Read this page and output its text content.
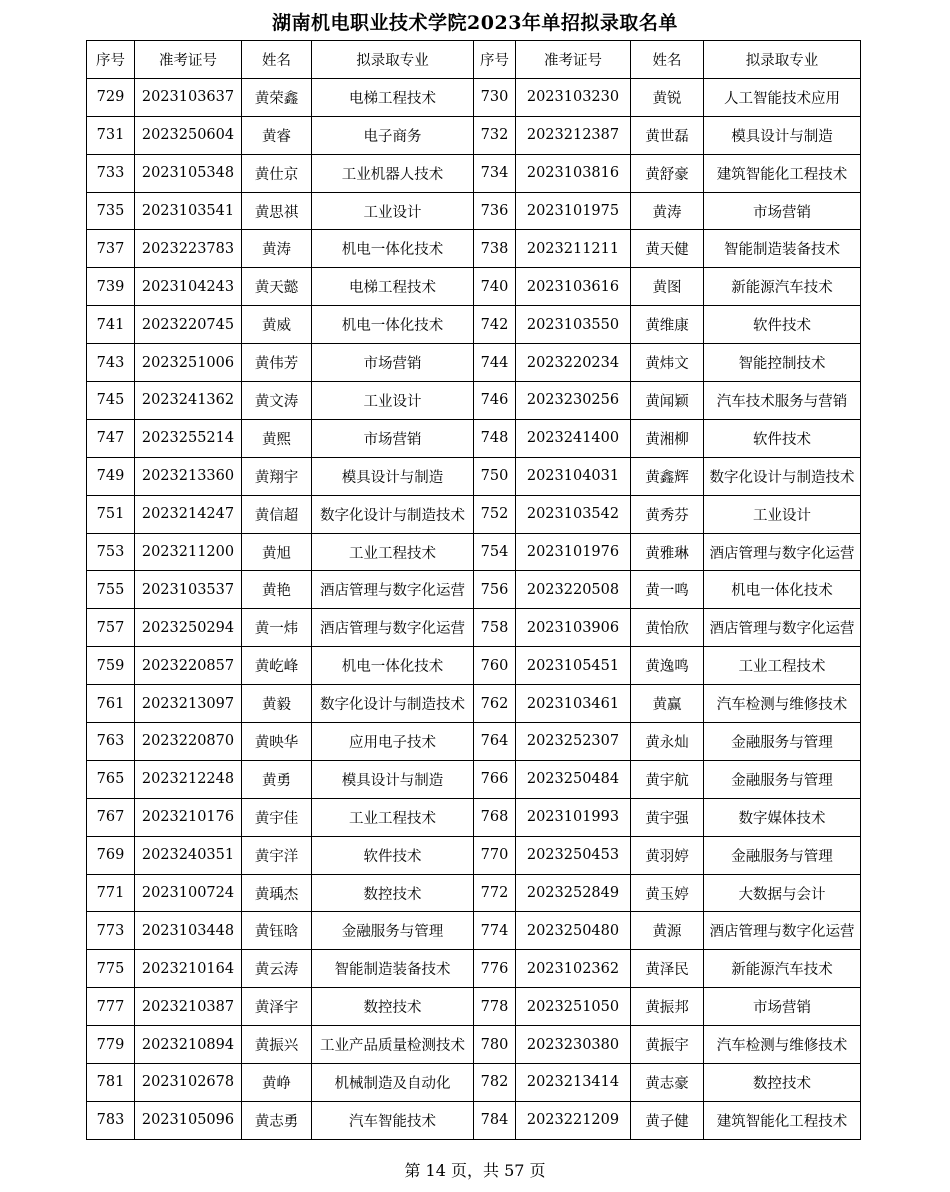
湖南机电职业技术学院2023年单招拟录取名单
序号	准考证号	姓名	拟录取专业	序号	准考证号	姓名	拟录取专业
729	2023103637	黄荣鑫	电梯工程技术	730	2023103230	黄锐	人工智能技术应用
731	2023250604	黄睿	电子商务	732	2023212387	黄世磊	模具设计与制造
733	2023105348	黄仕京	工业机器人技术	734	2023103816	黄舒豪	建筑智能化工程技术
735	2023103541	黄思祺	工业设计	736	2023101975	黄涛	市场营销
737	2023223783	黄涛	机电一体化技术	738	2023211211	黄天健	智能制造装备技术
739	2023104243	黄天懿	电梯工程技术	740	2023103616	黄图	新能源汽车技术
741	2023220745	黄威	机电一体化技术	742	2023103550	黄维康	软件技术
743	2023251006	黄伟芳	市场营销	744	2023220234	黄炜文	智能控制技术
745	2023241362	黄文涛	工业设计	746	2023230256	黄闻颖	汽车技术服务与营销
747	2023255214	黄熙	市场营销	748	2023241400	黄湘柳	软件技术
749	2023213360	黄翔宇	模具设计与制造	750	2023104031	黄鑫辉	数字化设计与制造技术
751	2023214247	黄信超	数字化设计与制造技术	752	2023103542	黄秀芬	工业设计
753	2023211200	黄旭	工业工程技术	754	2023101976	黄雅琳	酒店管理与数字化运营
755	2023103537	黄艳	酒店管理与数字化运营	756	2023220508	黄一鸣	机电一体化技术
757	2023250294	黄一炜	酒店管理与数字化运营	758	2023103906	黄怡欣	酒店管理与数字化运营
759	2023220857	黄屹峰	机电一体化技术	760	2023105451	黄逸鸣	工业工程技术
761	2023213097	黄毅	数字化设计与制造技术	762	2023103461	黄赢	汽车检测与维修技术
763	2023220870	黄映华	应用电子技术	764	2023252307	黄永灿	金融服务与管理
765	2023212248	黄勇	模具设计与制造	766	2023250484	黄宇航	金融服务与管理
767	2023210176	黄宇佳	工业工程技术	768	2023101993	黄宇强	数字媒体技术
769	2023240351	黄宇洋	软件技术	770	2023250453	黄羽婷	金融服务与管理
771	2023100724	黄瑀杰	数控技术	772	2023252849	黄玉婷	大数据与会计
773	2023103448	黄钰晗	金融服务与管理	774	2023250480	黄源	酒店管理与数字化运营
775	2023210164	黄云涛	智能制造装备技术	776	2023102362	黄泽民	新能源汽车技术
777	2023210387	黄泽宇	数控技术	778	2023251050	黄振邦	市场营销
779	2023210894	黄振兴	工业产品质量检测技术	780	2023230380	黄振宇	汽车检测与维修技术
781	2023102678	黄峥	机械制造及自动化	782	2023213414	黄志豪	数控技术
783	2023105096	黄志勇	汽车智能技术	784	2023221209	黄子健	建筑智能化工程技术
第 14 页，共 57 页
